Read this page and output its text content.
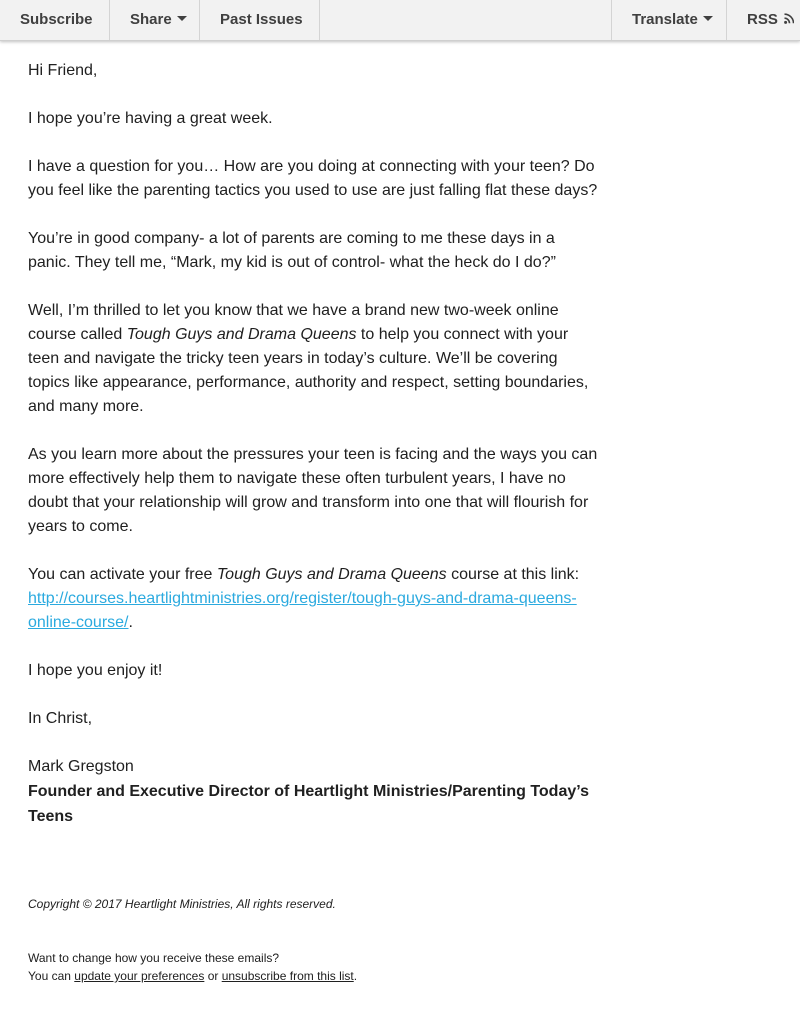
Subscribe Share	Past Issues	Translate	RSS

Hi Friend,

I hope you’re having a great week.

I have a question for you… How are you doing at connecting with your teen? Do you feel like the parenting tactics you used to use are just falling flat these days?

You’re in good company- a lot of parents are coming to me these days in a panic. They tell me, “Mark, my kid is out of control- what the heck do I do?”

Well, I’m thrilled to let you know that we have a brand new two-week online course called Tough Guys and Drama Queens to help you connect with your teen and navigate the tricky teen years in today’s culture. We’ll be covering topics like appearance, performance, authority and respect, setting boundaries, and many more.

As you learn more about the pressures your teen is facing and the ways you can more effectively help them to navigate these often turbulent years, I have no doubt that your relationship will grow and transform into one that will flourish for years to come.

You can activate your free Tough Guys and Drama Queens course at this link:
http://courses.heartlightministries.org/register/tough-guys-and-drama-queens-online-course/.

I hope you enjoy it!

In Christ,

Mark Gregston
Founder and Executive Director of Heartlight Ministries/Parenting Today’s Teens
Copyright © 2017 Heartlight Ministries, All rights reserved.
Want to change how you receive these emails?
You can update your preferences or unsubscribe from this list.
